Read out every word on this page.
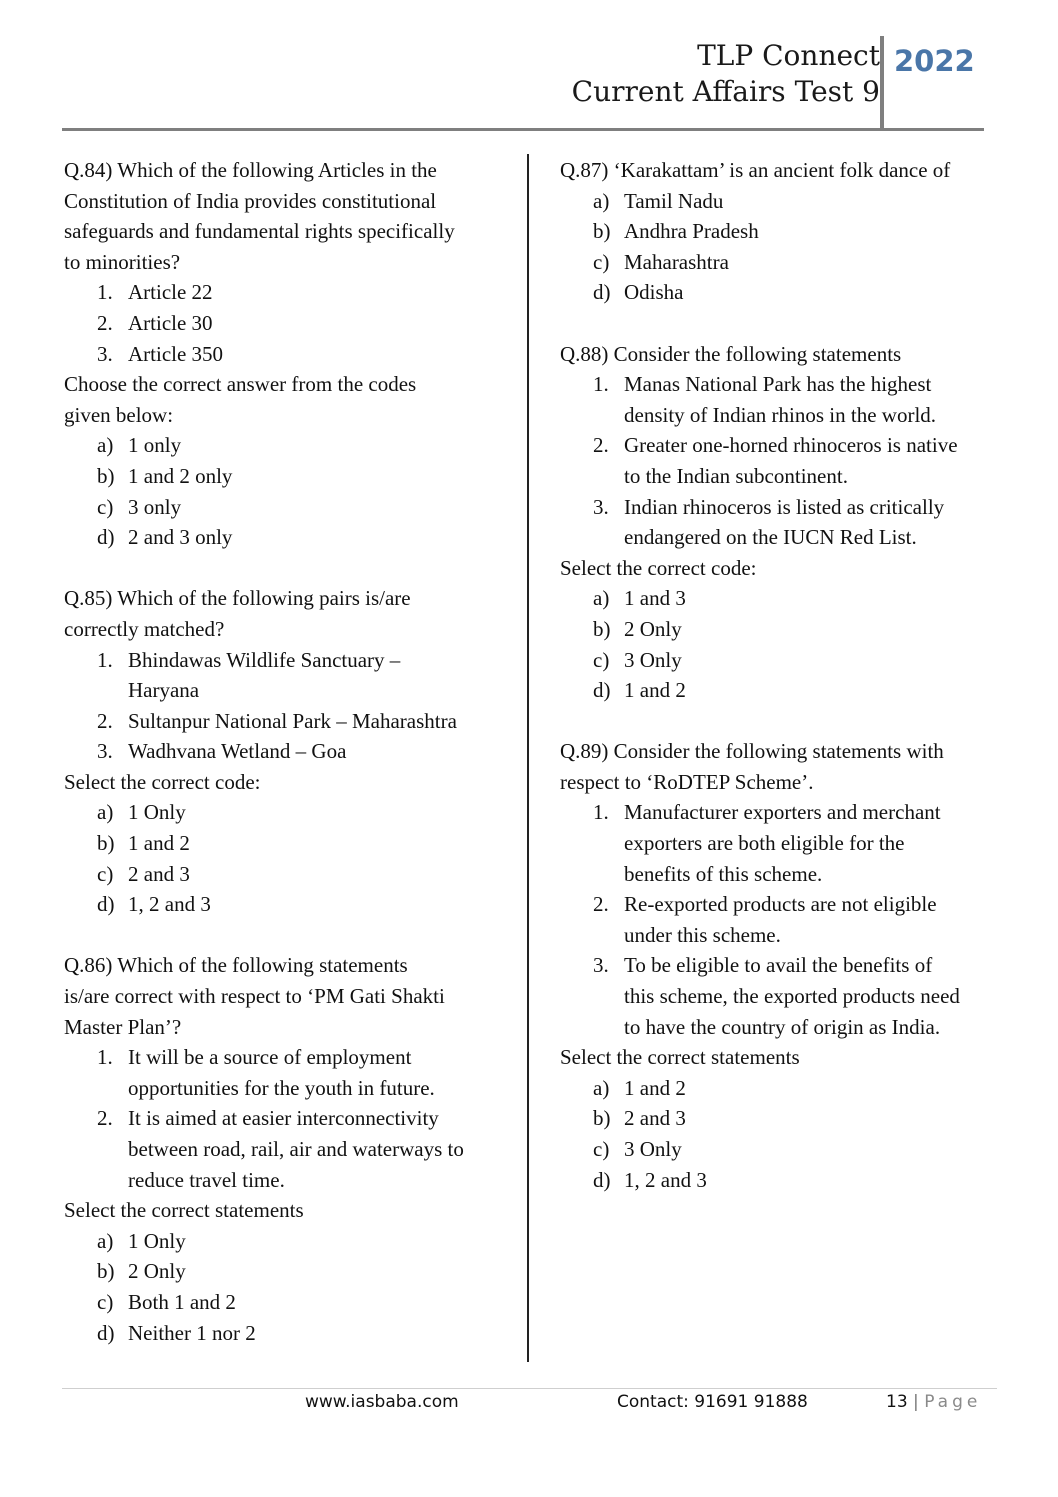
TLP Connect
Current Affairs Test 9
2022
Q.84) Which of the following Articles in the
Constitution of India provides constitutional
safeguards and fundamental rights specifically
to minorities?
1. Article 22
2. Article 30
3. Article 350
Choose the correct answer from the codes
given below:
a) 1 only
b) 1 and 2 only
c) 3 only
d) 2 and 3 only
Q.85) Which of the following pairs is/are
correctly matched?
1. Bhindawas Wildlife Sanctuary –
Haryana
2. Sultanpur National Park – Maharashtra
3. Wadhvana Wetland – Goa
Select the correct code:
a) 1 Only
b) 1 and 2
c) 2 and 3
d) 1, 2 and 3
Q.86) Which of the following statements
is/are correct with respect to ‘PM Gati Shakti
Master Plan’?
1. It will be a source of employment
opportunities for the youth in future.
2. It is aimed at easier interconnectivity
between road, rail, air and waterways to
reduce travel time.
Select the correct statements
a) 1 Only
b) 2 Only
c) Both 1 and 2
d) Neither 1 nor 2
Q.87) ‘Karakattam’ is an ancient folk dance of
a) Tamil Nadu
b) Andhra Pradesh
c) Maharashtra
d) Odisha
Q.88) Consider the following statements
1. Manas National Park has the highest
density of Indian rhinos in the world.
2. Greater one-horned rhinoceros is native
to the Indian subcontinent.
3. Indian rhinoceros is listed as critically
endangered on the IUCN Red List.
Select the correct code:
a) 1 and 3
b) 2 Only
c) 3 Only
d) 1 and 2
Q.89) Consider the following statements with
respect to ‘RoDTEP Scheme’.
1. Manufacturer exporters and merchant
exporters are both eligible for the
benefits of this scheme.
2. Re-exported products are not eligible
under this scheme.
3. To be eligible to avail the benefits of
this scheme, the exported products need
to have the country of origin as India.
Select the correct statements
a) 1 and 2
b) 2 and 3
c) 3 Only
d) 1, 2 and 3
www.iasbaba.com	Contact: 91691 91888	13 | Page
